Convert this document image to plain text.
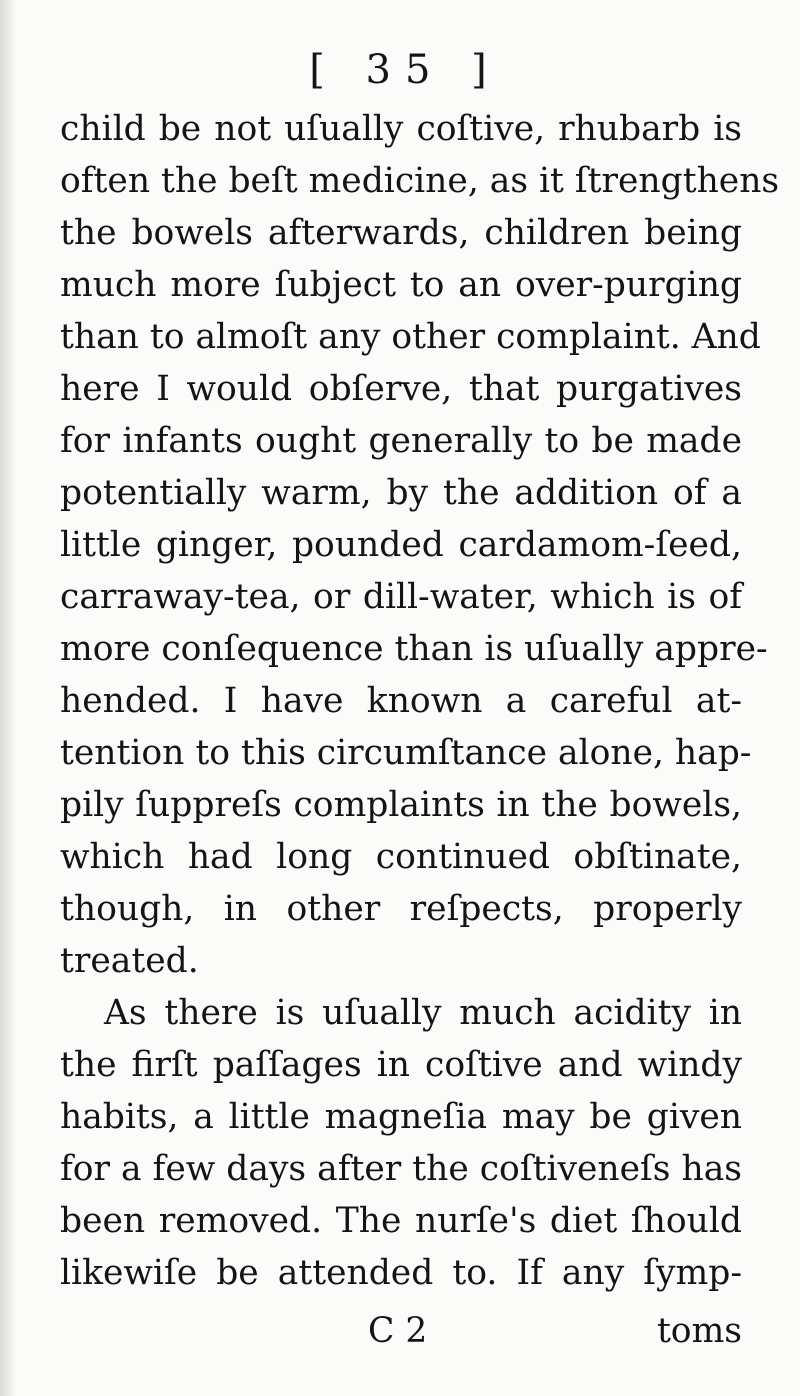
[ 35 ]
child be not uſually coſtive, rhubarb is
often the beſt medicine, as it ſtrengthens
the bowels afterwards, children being
much more ſubject to an over-purging
than to almoſt any other complaint. And
here I would obſerve, that purgatives
for infants ought generally to be made
potentially warm, by the addition of a
little ginger, pounded cardamom-ſeed,
carraway-tea, or dill-water, which is of
more conſequence than is uſually appre-
hended. I have known a careful at-
tention to this circumſtance alone, hap-
pily ſuppreſs complaints in the bowels,
which had long continued obſtinate,
though, in other reſpects, properly
treated.
As there is uſually much acidity in
the firſt paſſages in coſtive and windy
habits, a little magneſia may be given
for a few days after the coſtiveneſs has
been removed. The nurſe's diet ſhould
likewiſe be attended to. If any ſymp-
C 2	toms
